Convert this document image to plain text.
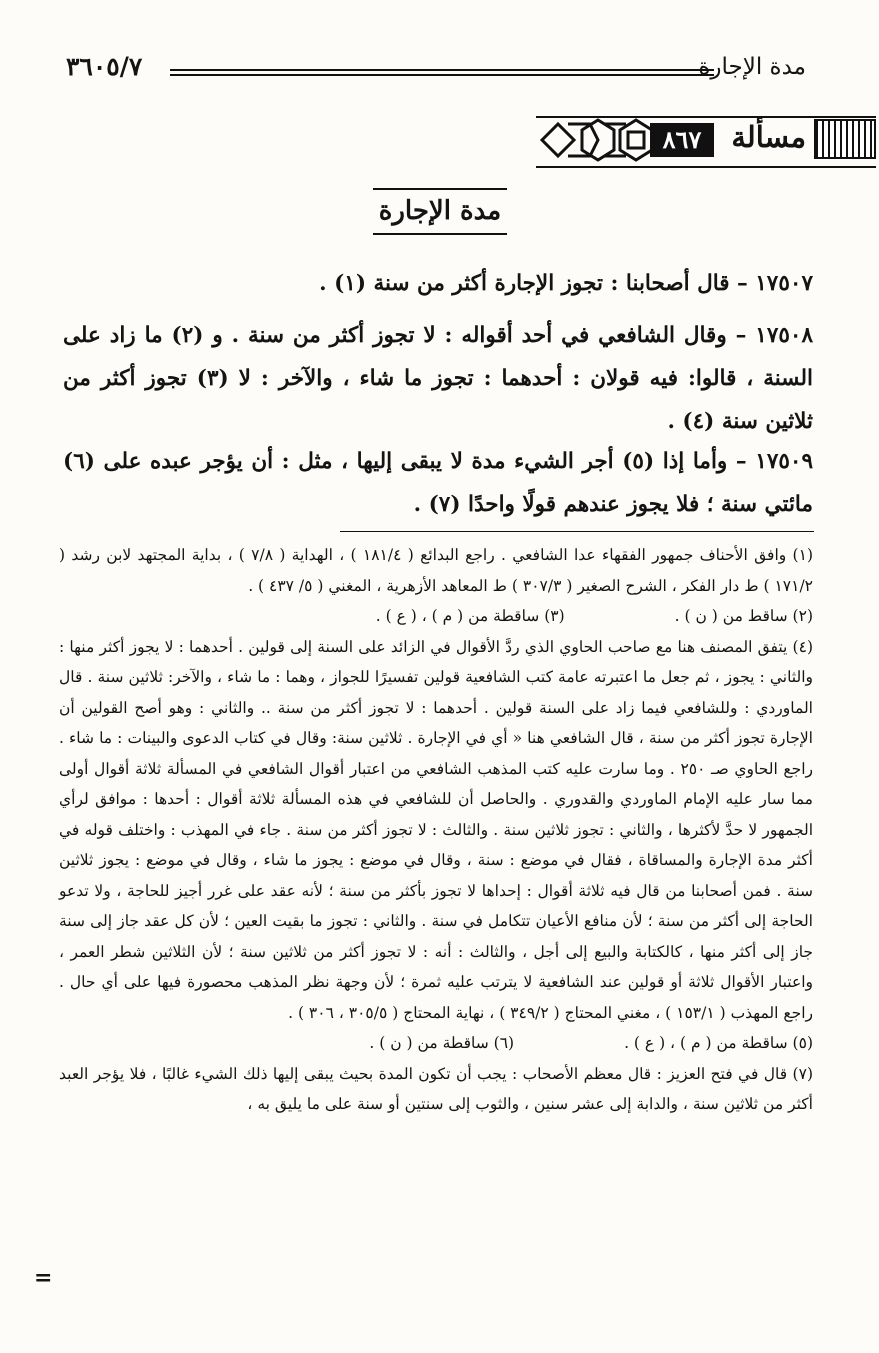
مدة الإجارة
٣٦٠٥/٧
مسألة
٨٦٧
مدة الإجارة

١٧٥٠٧ – قال أصحابنا : تجوز الإجارة أكثر من سنة (١) .

١٧٥٠٨ – وقال الشافعي في أحد أقواله : لا تجوز أكثر من سنة . و (٢) ما زاد على السنة ، قالوا: فيه قولان : أحدهما : تجوز ما شاء ، والآخر : لا (٣) تجوز أكثر من ثلاثين سنة (٤) .

١٧٥٠٩ – وأما إذا (٥) أجر الشيء مدة لا يبقى إليها ، مثل : أن يؤجر عبده على (٦) مائتي سنة ؛ فلا يجوز عندهم قولًا واحدًا (٧) .

(١) وافق الأحناف جمهور الفقهاء عدا الشافعي . راجع البدائع ( ١٨١/٤ ) ، الهداية ( ٧/٨ ) ، بداية المجتهد لابن رشد ( ١٧١/٢ ) ط دار الفكر ، الشرح الصغير ( ٣٠٧/٣ ) ط المعاهد الأزهرية ، المغني ( ٥/ ٤٣٧ ) .
(٢) ساقط من ( ن ) .
(٣) ساقطة من ( م ) ، ( ع ) .
(٤) يتفق المصنف هنا مع صاحب الحاوي الذي ردَّ الأقوال في الزائد على السنة إلى قولين . أحدهما : لا يجوز أكثر منها : والثاني : يجوز ، ثم جعل ما اعتبرته عامة كتب الشافعية قولين تفسيرًا للجواز ، وهما : ما شاء ، والآخر: ثلاثين سنة . قال الماوردي : وللشافعي فيما زاد على السنة قولين . أحدهما : لا تجوز أكثر من سنة .. والثاني : وهو أصح القولين أن الإجارة تجوز أكثر من سنة ، قال الشافعي هنا « أي في الإجارة . ثلاثين سنة: وقال في كتاب الدعوى والبينات : ما شاء . راجع الحاوي صـ ٢٥٠ . وما سارت عليه كتب المذهب الشافعي من اعتبار أقوال الشافعي في المسألة ثلاثة أقوال أولى مما سار عليه الإمام الماوردي والقدوري . والحاصل أن للشافعي في هذه المسألة ثلاثة أقوال : أحدها : موافق لرأي الجمهور لا حدَّ لأكثرها ، والثاني : تجوز ثلاثين سنة . والثالث : لا تجوز أكثر من سنة . جاء في المهذب : واختلف قوله في أكثر مدة الإجارة والمساقاة ، فقال في موضع : سنة ، وقال في موضع : يجوز ما شاء ، وقال في موضع : يجوز ثلاثين سنة . فمن أصحابنا من قال فيه ثلاثة أقوال : إحداها لا تجوز بأكثر من سنة ؛ لأنه عقد على غرر أجيز للحاجة ، ولا تدعو الحاجة إلى أكثر من سنة ؛ لأن منافع الأعيان تتكامل في سنة . والثاني : تجوز ما بقيت العين ؛ لأن كل عقد جاز إلى سنة جاز إلى أكثر منها ، كالكتابة والبيع إلى أجل ، والثالث : أنه : لا تجوز أكثر من ثلاثين سنة ؛ لأن الثلاثين شطر العمر ، واعتبار الأقوال ثلاثة أو قولين عند الشافعية لا يترتب عليه ثمرة ؛ لأن وجهة نظر المذهب محصورة فيها على أي حال . راجع المهذب ( ١٥٣/١ ) ، مغني المحتاج ( ٣٤٩/٢ ) ، نهاية المحتاج ( ٣٠٥/٥ ، ٣٠٦ ) .
(٥) ساقطة من ( م ) ، ( ع ) .
(٦) ساقطة من ( ن ) .
(٧) قال في فتح العزيز : قال معظم الأصحاب : يجب أن تكون المدة بحيث يبقى إليها ذلك الشيء غالبًا ، فلا يؤجر العبد أكثر من ثلاثين سنة ، والدابة إلى عشر سنين ، والثوب إلى سنتين أو سنة على ما يليق به ،
=
